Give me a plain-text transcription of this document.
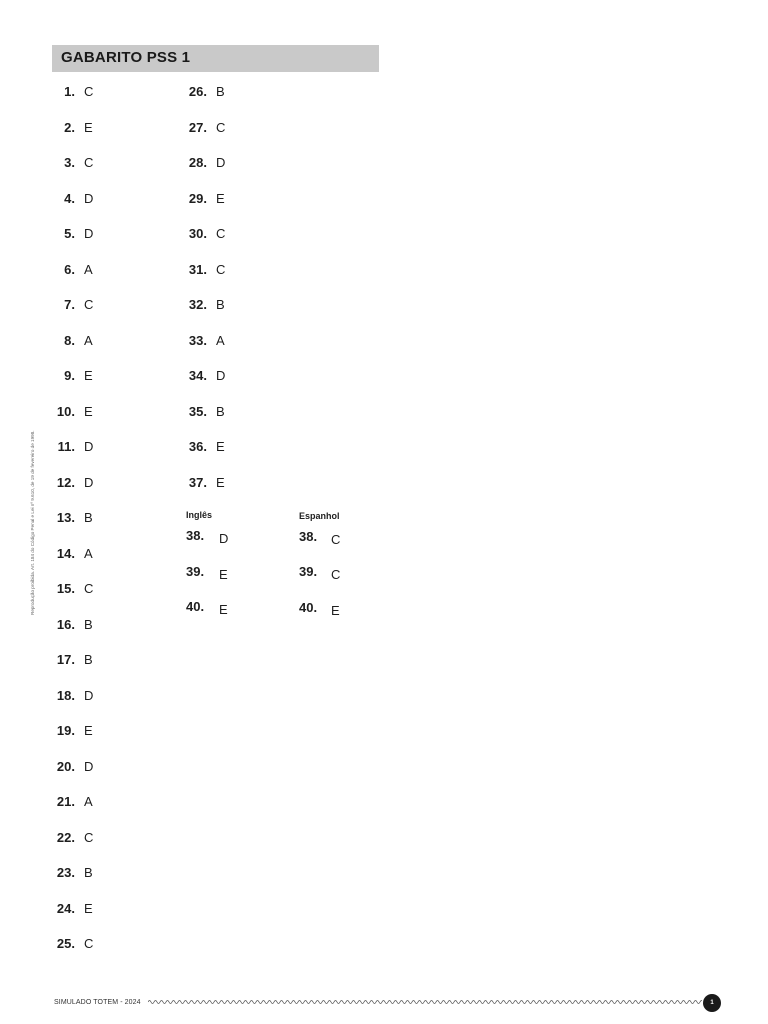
GABARITO PSS 1
1. C
2. E
3. C
4. D
5. D
6. A
7. C
8. A
9. E
10. E
11. D
12. D
13. B
14. A
15. C
16. B
17. B
18. D
19. E
20. D
21. A
22. C
23. B
24. E
25. C
26. B
27. C
28. D
29. E
30. C
31. C
32. B
33. A
34. D
35. B
36. E
37. E
Inglês	Espanhol
38. D
39. E
40. E
38. C
39. C
40. E
Reprodução proibida. Art. 184 do Código Penal e Lei nº 9.610, de 19 de fevereiro de 1998.
SIMULADO TOTEM - 2024	1
